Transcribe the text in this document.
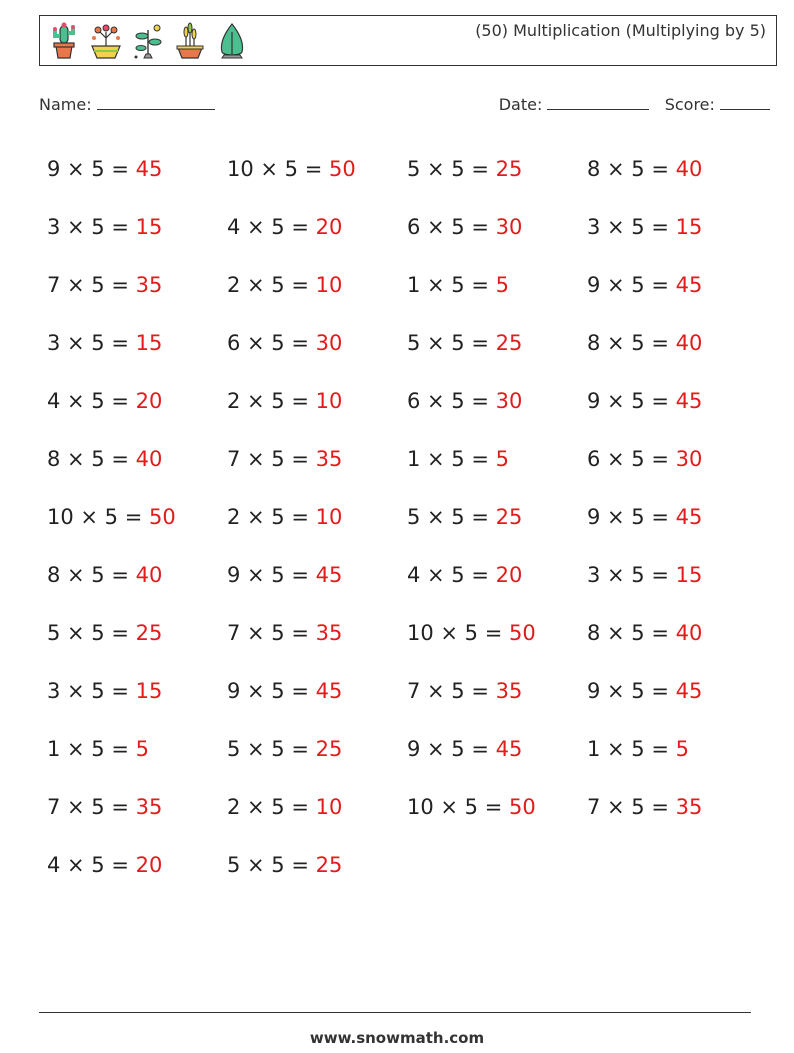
(50) Multiplication (Multiplying by 5)
Name:	Date:	Score:
9 × 5 = 45	10 × 5 = 50	5 × 5 = 25	8 × 5 = 40
3 × 5 = 15	4 × 5 = 20	6 × 5 = 30	3 × 5 = 15
7 × 5 = 35	2 × 5 = 10	1 × 5 = 5	9 × 5 = 45
3 × 5 = 15	6 × 5 = 30	5 × 5 = 25	8 × 5 = 40
4 × 5 = 20	2 × 5 = 10	6 × 5 = 30	9 × 5 = 45
8 × 5 = 40	7 × 5 = 35	1 × 5 = 5	6 × 5 = 30
10 × 5 = 50	2 × 5 = 10	5 × 5 = 25	9 × 5 = 45
8 × 5 = 40	9 × 5 = 45	4 × 5 = 20	3 × 5 = 15
5 × 5 = 25	7 × 5 = 35	10 × 5 = 50	8 × 5 = 40
3 × 5 = 15	9 × 5 = 45	7 × 5 = 35	9 × 5 = 45
1 × 5 = 5	5 × 5 = 25	9 × 5 = 45	1 × 5 = 5
7 × 5 = 35	2 × 5 = 10	10 × 5 = 50	7 × 5 = 35
4 × 5 = 20	5 × 5 = 25
www.snowmath.com
